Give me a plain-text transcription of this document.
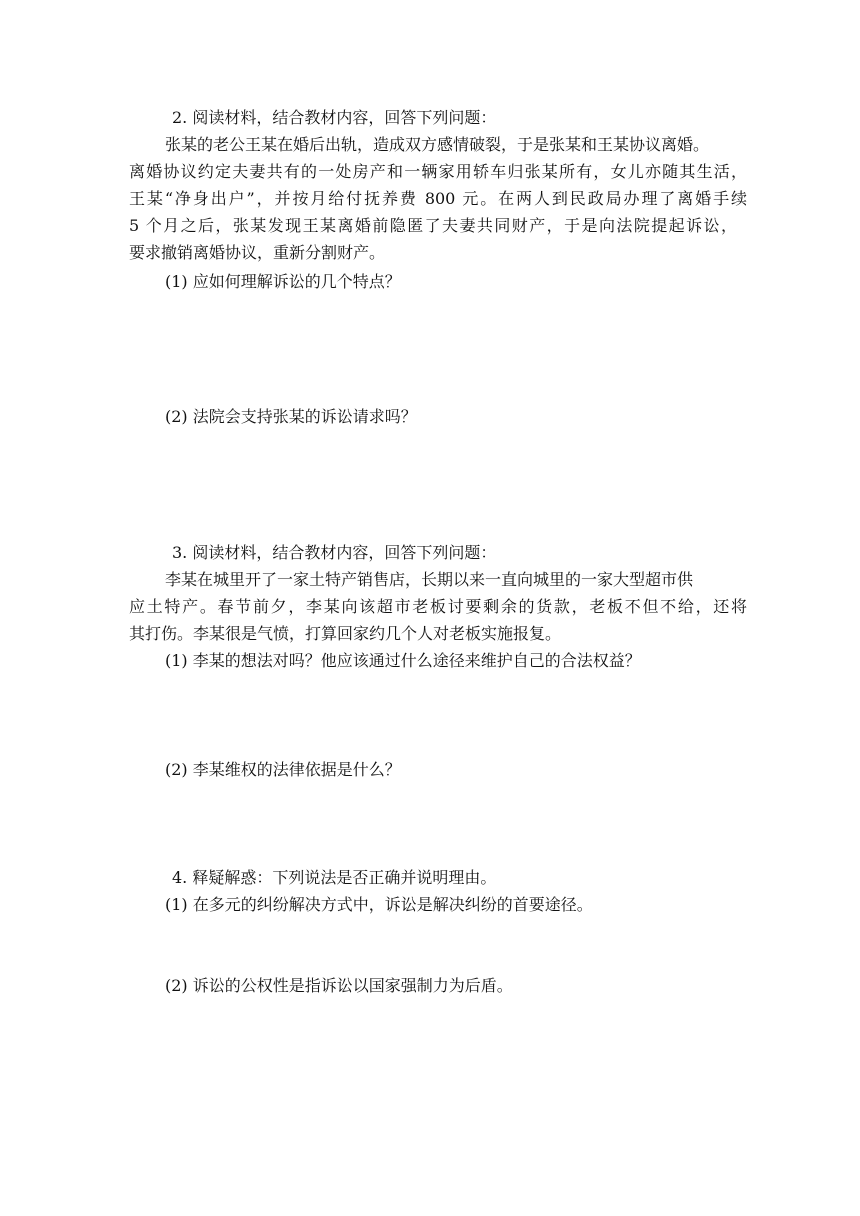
2. 阅读材料，结合教材内容，回答下列问题：
张某的老公王某在婚后出轨，造成双方感情破裂，于是张某和王某协议离婚。
离婚协议约定夫妻共有的一处房产和一辆家用轿车归张某所有，女儿亦随其生活，
王某“净身出户”，并按月给付抚养费 800 元。在两人到民政局办理了离婚手续
5 个月之后，张某发现王某离婚前隐匿了夫妻共同财产，于是向法院提起诉讼，
要求撤销离婚协议，重新分割财产。
(1) 应如何理解诉讼的几个特点？
(2) 法院会支持张某的诉讼请求吗？
3. 阅读材料，结合教材内容，回答下列问题：
李某在城里开了一家土特产销售店，长期以来一直向城里的一家大型超市供
应土特产。春节前夕，李某向该超市老板讨要剩余的货款，老板不但不给，还将
其打伤。李某很是气愤，打算回家约几个人对老板实施报复。
(1) 李某的想法对吗？他应该通过什么途径来维护自己的合法权益？
(2) 李某维权的法律依据是什么？
4. 释疑解惑：下列说法是否正确并说明理由。
(1) 在多元的纠纷解决方式中，诉讼是解决纠纷的首要途径。
(2) 诉讼的公权性是指诉讼以国家强制力为后盾。
